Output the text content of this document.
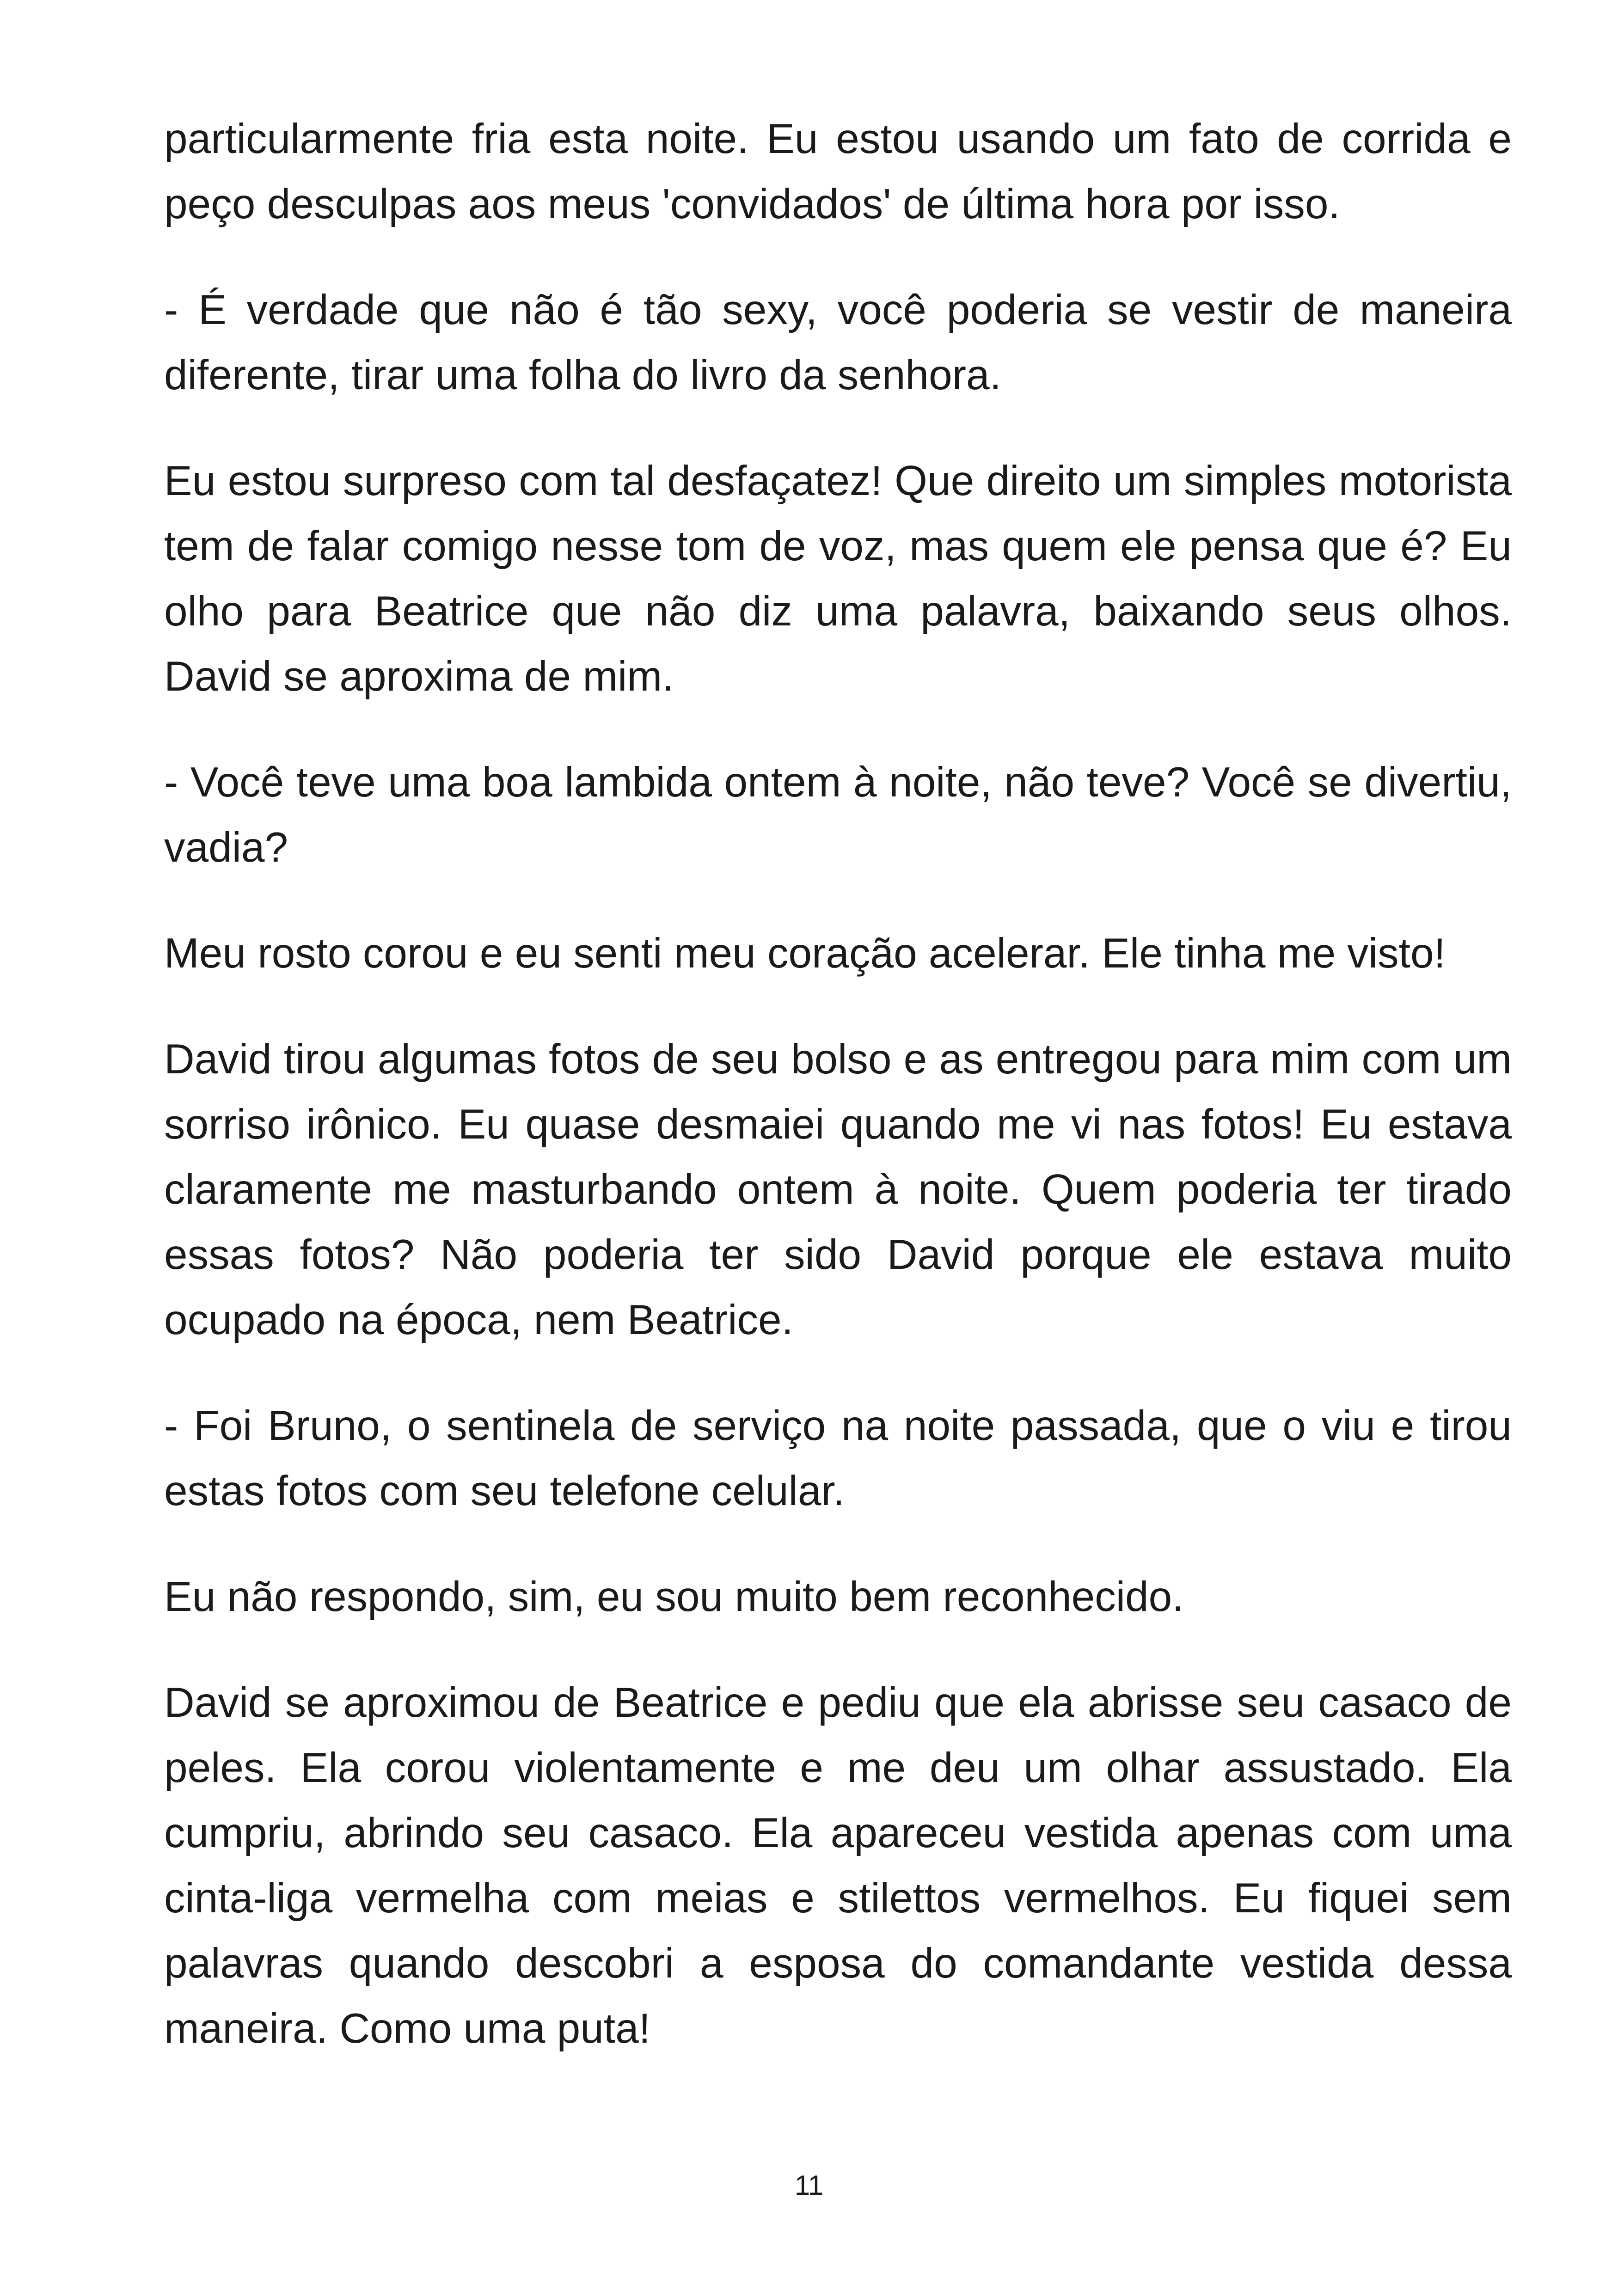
particularmente fria esta noite. Eu estou usando um fato de corrida e peço desculpas aos meus 'convidados' de última hora por isso.

- É verdade que não é tão sexy, você poderia se vestir de maneira diferente, tirar uma folha do livro da senhora.

Eu estou surpreso com tal desfaçatez! Que direito um simples motorista tem de falar comigo nesse tom de voz, mas quem ele pensa que é? Eu olho para Beatrice que não diz uma palavra, baixando seus olhos. David se aproxima de mim.

- Você teve uma boa lambida ontem à noite, não teve? Você se divertiu, vadia?

Meu rosto corou e eu senti meu coração acelerar. Ele tinha me visto!

David tirou algumas fotos de seu bolso e as entregou para mim com um sorriso irônico. Eu quase desmaiei quando me vi nas fotos! Eu estava claramente me masturbando ontem à noite. Quem poderia ter tirado essas fotos? Não poderia ter sido David porque ele estava muito ocupado na época, nem Beatrice.

- Foi Bruno, o sentinela de serviço na noite passada, que o viu e tirou estas fotos com seu telefone celular.

Eu não respondo, sim, eu sou muito bem reconhecido.

David se aproximou de Beatrice e pediu que ela abrisse seu casaco de peles. Ela corou violentamente e me deu um olhar assustado. Ela cumpriu, abrindo seu casaco. Ela apareceu vestida apenas com uma cinta-liga vermelha com meias e stilettos vermelhos. Eu fiquei sem palavras quando descobri a esposa do comandante vestida dessa maneira. Como uma puta!

11
